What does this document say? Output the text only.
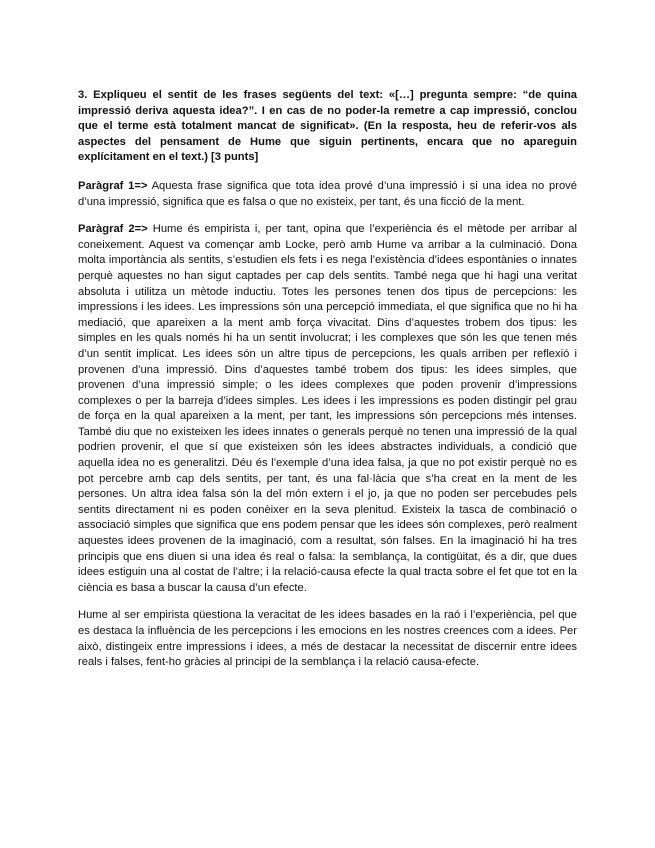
3. Expliqueu el sentit de les frases següents del text: «[…] pregunta sempre: “de quina impressió deriva aquesta idea?”. I en cas de no poder-la remetre a cap impressió, conclou que el terme està totalment mancat de significat». (En la resposta, heu de referir-vos als aspectes del pensament de Hume que siguin pertinents, encara que no apareguin explícitament en el text.) [3 punts]

Paràgraf 1=> Aquesta frase significa que tota idea prové d’una impressió i si una idea no prové d’una impressió, significa que es falsa o que no existeix, per tant, és una ficció de la ment.

Paràgraf 2=> Hume és empirista i, per tant, opina que l’experiència és el mètode per arribar al coneixement. Aquest va començar amb Locke, però amb Hume va arribar a la culminació. Dona molta importància als sentits, s’estudien els fets i es nega l’existència d’idees espontànies o innates perquè aquestes no han sigut captades per cap dels sentits. També nega que hi hagi una veritat absoluta i utilitza un mètode inductiu. Totes les persones tenen dos tipus de percepcions: les impressions i les idees. Les impressions són una percepció immediata, el que significa que no hi ha mediació, que apareixen a la ment amb força vivacitat. Dins d’aquestes trobem dos tipus: les simples en les quals només hi ha un sentit involucrat; i les complexes que són les que tenen més d’un sentit implicat. Les idees són un altre tipus de percepcions, les quals arriben per reflexió i provenen d’una impressió. Dins d’aquestes també trobem dos tipus: les idees simples, que provenen d’una impressió simple; o les idees complexes que poden provenir d’impressions complexes o per la barreja d’idees simples. Les idees i les impressions es poden distingir pel grau de força en la qual apareixen a la ment, per tant, les impressions són percepcions més intenses. També diu que no existeixen les idees innates o generals perquè no tenen una impressió de la qual podrien provenir, el que sí que existeixen són les idees abstractes individuals, a condició que aquella idea no es generalitzi. Déu és l’exemple d’una idea falsa, ja que no pot existir perquè no es pot percebre amb cap dels sentits, per tant, és una fal·làcia que s’ha creat en la ment de les persones. Un altra idea falsa són la del món extern i el jo, ja que no poden ser percebudes pels sentits directament ni es poden conèixer en la seva plenitud. Existeix la tasca de combinació o associació simples que significa que ens podem pensar que les idees són complexes, però realment aquestes idees provenen de la imaginació, com a resultat, són falses. En la imaginació hi ha tres principis que ens diuen si una idea és real o falsa: la semblança, la contigüitat, és a dir, que dues idees estiguin una al costat de l’altre; i la relació-causa efecte la qual tracta sobre el fet que tot en la ciència es basa a buscar la causa d’un efecte.

Hume al ser empirista qüestiona la veracitat de les idees basades en la raó i l’experiència, pel que es destaca la influència de les percepcions i les emocions en les nostres creences com a idees. Per això, distingeix entre impressions i idees, a més de destacar la necessitat de discernir entre idees reals i falses, fent-ho gràcies al principi de la semblança i la relació causa-efecte.
